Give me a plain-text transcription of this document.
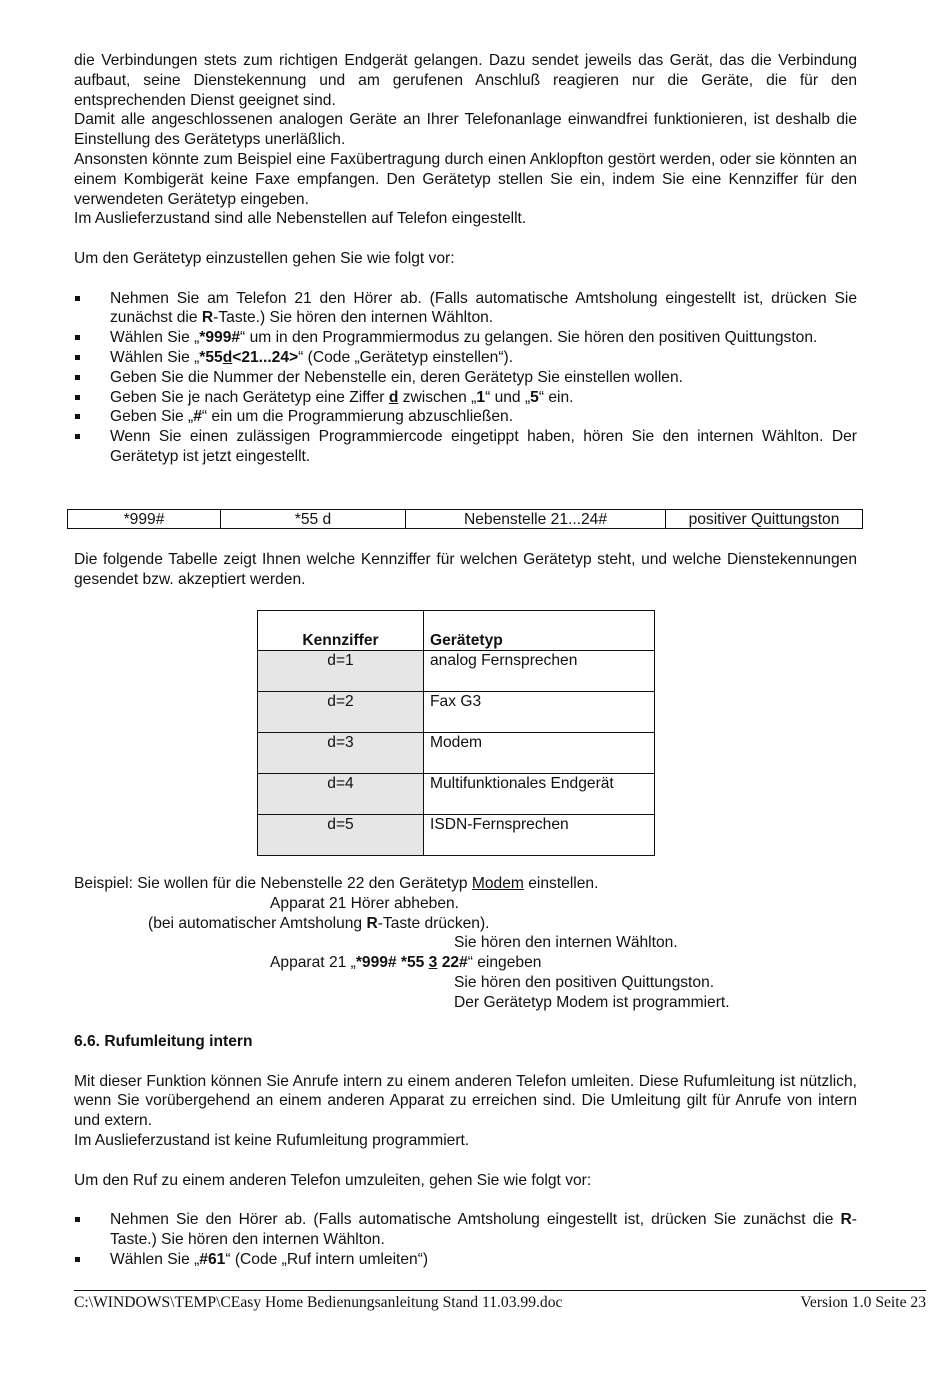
die Verbindungen stets zum richtigen Endgerät gelangen. Dazu sendet jeweils das Gerät, das die Verbindung aufbaut, seine Dienstekennung und am gerufenen Anschluß reagieren nur die Geräte, die für den entsprechenden Dienst geeignet sind.

Damit alle angeschlossenen analogen Geräte an Ihrer Telefonanlage einwandfrei funktionieren, ist deshalb die Einstellung des Gerätetyps unerläßlich.

Ansonsten könnte zum Beispiel eine Faxübertragung durch einen Anklopfton gestört werden, oder sie könnten an einem Kombigerät keine Faxe empfangen. Den Gerätetyp stellen Sie ein, indem Sie eine Kennziffer für den verwendeten Gerätetyp eingeben.

Im Auslieferzustand sind alle Nebenstellen auf Telefon eingestellt.

Um den Gerätetyp einzustellen gehen Sie wie folgt vor:

Nehmen Sie am Telefon 21 den Hörer ab. (Falls automatische Amtsholung eingestellt ist, drücken Sie zunächst die R-Taste.) Sie hören den internen Wählton.
Wählen Sie „*999#“ um in den Programmiermodus zu gelangen. Sie hören den positiven Quittungston.
Wählen Sie „*55d<21...24>“ (Code „Gerätetyp einstellen“).
Geben Sie die Nummer der Nebenstelle ein, deren Gerätetyp Sie einstellen wollen.
Geben Sie je nach Gerätetyp eine Ziffer d zwischen „1“ und „5“ ein.
Geben Sie „#“ ein um die Programmierung abzuschließen.
Wenn Sie einen zulässigen Programmiercode eingetippt haben, hören Sie den internen Wählton. Der Gerätetyp ist jetzt eingestellt.
*999#	*55 d	Nebenstelle 21...24#	positiver Quittungston

Die folgende Tabelle zeigt Ihnen welche Kennziffer für welchen Gerätetyp steht, und welche Dienstekennungen gesendet bzw. akzeptiert werden.

Kennziffer	Gerätetyp
d=1	analog Fernsprechen
d=2	Fax G3
d=3	Modem
d=4	Multifunktionales Endgerät
d=5	ISDN-Fernsprechen
Beispiel: Sie wollen für die Nebenstelle 22 den Gerätetyp Modem einstellen.
Apparat 21 Hörer abheben.
(bei automatischer Amtsholung R-Taste drücken).
Sie hören den internen Wählton.
Apparat 21 „*999# *55 3 22#“ eingeben
Sie hören den positiven Quittungston.
Der Gerätetyp Modem ist programmiert.
6.6. Rufumleitung intern

Mit dieser Funktion können Sie Anrufe intern zu einem anderen Telefon umleiten. Diese Rufumleitung ist nützlich, wenn Sie vorübergehend an einem anderen Apparat zu erreichen sind. Die Umleitung gilt für Anrufe von intern und extern.

Im Auslieferzustand ist keine Rufumleitung programmiert.

Um den Ruf zu einem anderen Telefon umzuleiten, gehen Sie wie folgt vor:

Nehmen Sie den Hörer ab. (Falls automatische Amtsholung eingestellt ist, drücken Sie zunächst die R-Taste.) Sie hören den internen Wählton.
Wählen Sie „#61“ (Code „Ruf intern umleiten“)
C:\WINDOWS\TEMP\CEasy Home Bedienungsanleitung Stand 11.03.99.doc	Version 1.0 Seite 23
